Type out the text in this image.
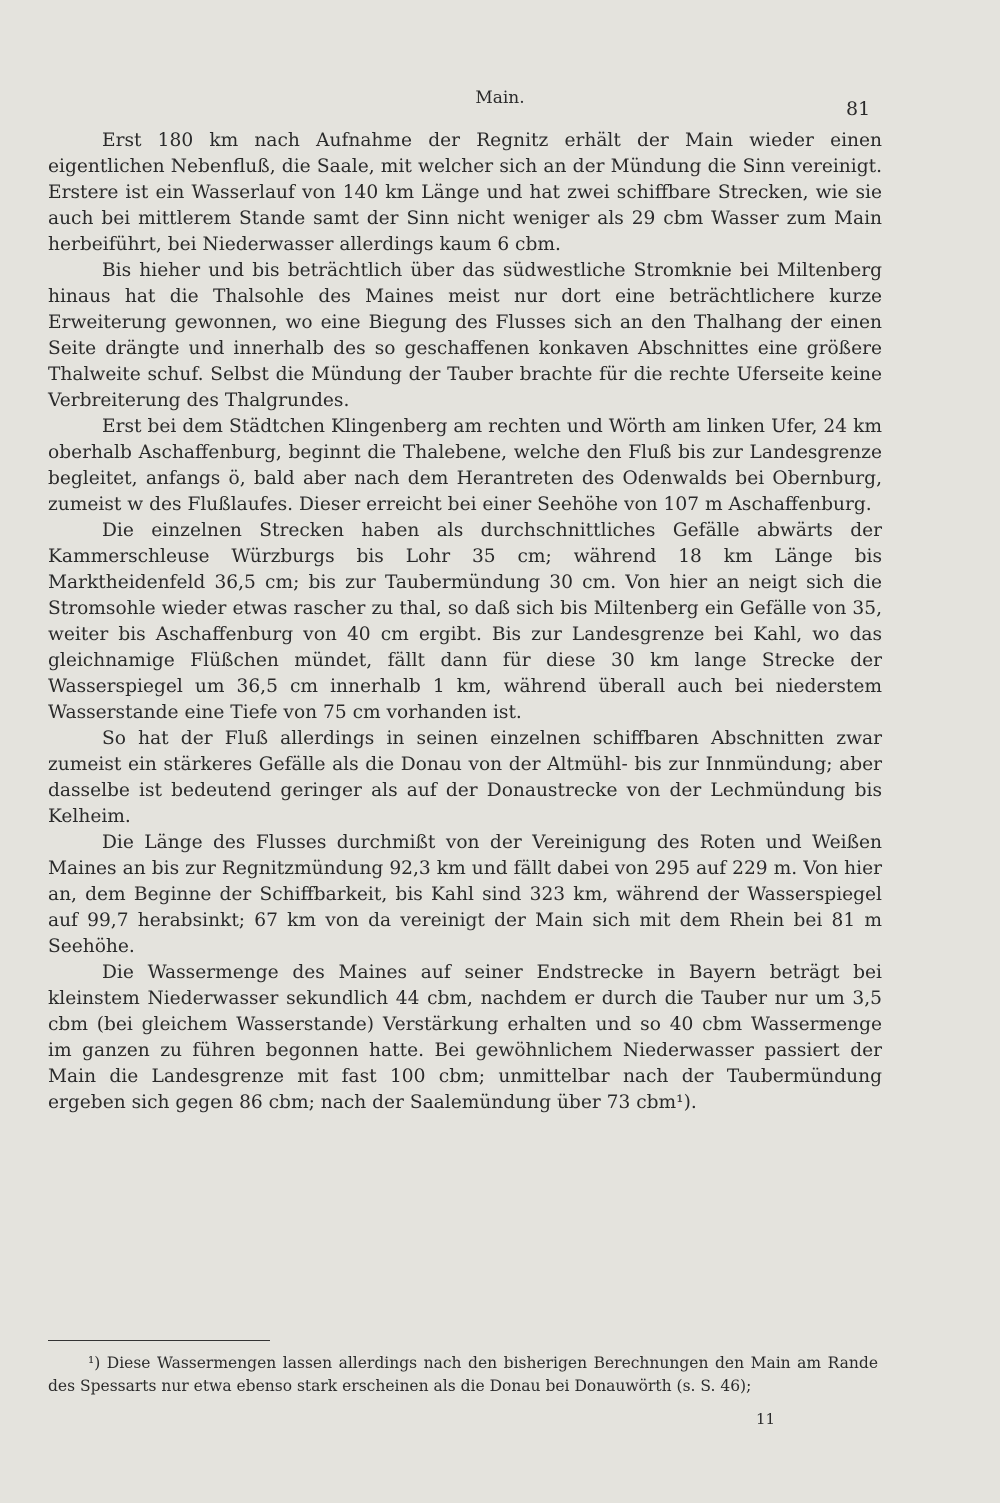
Main.	81

Erst 180 km nach Aufnahme der Regnitz erhält der Main wieder einen eigentlichen Nebenfluß, die Saale, mit welcher sich an der Mündung die Sinn vereinigt. Erstere ist ein Wasserlauf von 140 km Länge und hat zwei schiffbare Strecken, wie sie auch bei mittlerem Stande samt der Sinn nicht weniger als 29 cbm Wasser zum Main herbeiführt, bei Niederwasser allerdings kaum 6 cbm.

Bis hieher und bis beträchtlich über das südwestliche Stromknie bei Miltenberg hinaus hat die Thalsohle des Maines meist nur dort eine beträchtlichere kurze Erweiterung gewonnen, wo eine Biegung des Flusses sich an den Thalhang der einen Seite drängte und innerhalb des so geschaffenen konkaven Abschnittes eine größere Thalweite schuf. Selbst die Mündung der Tauber brachte für die rechte Uferseite keine Verbreiterung des Thalgrundes.

Erst bei dem Städtchen Klingenberg am rechten und Wörth am linken Ufer, 24 km oberhalb Aschaffenburg, beginnt die Thalebene, welche den Fluß bis zur Landesgrenze begleitet, anfangs ö, bald aber nach dem Herantreten des Odenwalds bei Obernburg, zumeist w des Flußlaufes. Dieser erreicht bei einer Seehöhe von 107 m Aschaffenburg.

Die einzelnen Strecken haben als durchschnittliches Gefälle abwärts der Kammerschleuse Würzburgs bis Lohr 35 cm; während 18 km Länge bis Marktheidenfeld 36,5 cm; bis zur Taubermündung 30 cm. Von hier an neigt sich die Stromsohle wieder etwas rascher zu thal, so daß sich bis Miltenberg ein Gefälle von 35, weiter bis Aschaffenburg von 40 cm ergibt. Bis zur Landesgrenze bei Kahl, wo das gleichnamige Flüßchen mündet, fällt dann für diese 30 km lange Strecke der Wasserspiegel um 36,5 cm innerhalb 1 km, während überall auch bei niederstem Wasserstande eine Tiefe von 75 cm vorhanden ist.

So hat der Fluß allerdings in seinen einzelnen schiffbaren Abschnitten zwar zumeist ein stärkeres Gefälle als die Donau von der Altmühl- bis zur Innmündung; aber dasselbe ist bedeutend geringer als auf der Donaustrecke von der Lechmündung bis Kelheim.

Die Länge des Flusses durchmißt von der Vereinigung des Roten und Weißen Maines an bis zur Regnitzmündung 92,3 km und fällt dabei von 295 auf 229 m. Von hier an, dem Beginne der Schiffbarkeit, bis Kahl sind 323 km, während der Wasserspiegel auf 99,7 herabsinkt; 67 km von da vereinigt der Main sich mit dem Rhein bei 81 m Seehöhe.

Die Wassermenge des Maines auf seiner Endstrecke in Bayern beträgt bei kleinstem Niederwasser sekundlich 44 cbm, nachdem er durch die Tauber nur um 3,5 cbm (bei gleichem Wasserstande) Verstärkung erhalten und so 40 cbm Wassermenge im ganzen zu führen begonnen hatte. Bei gewöhnlichem Niederwasser passiert der Main die Landesgrenze mit fast 100 cbm; unmittelbar nach der Taubermündung ergeben sich gegen 86 cbm; nach der Saalemündung über 73 cbm¹).

¹) Diese Wassermengen lassen allerdings nach den bisherigen Berechnungen den Main am Rande des Spessarts nur etwa ebenso stark erscheinen als die Donau bei Donauwörth (s. S. 46);

11
